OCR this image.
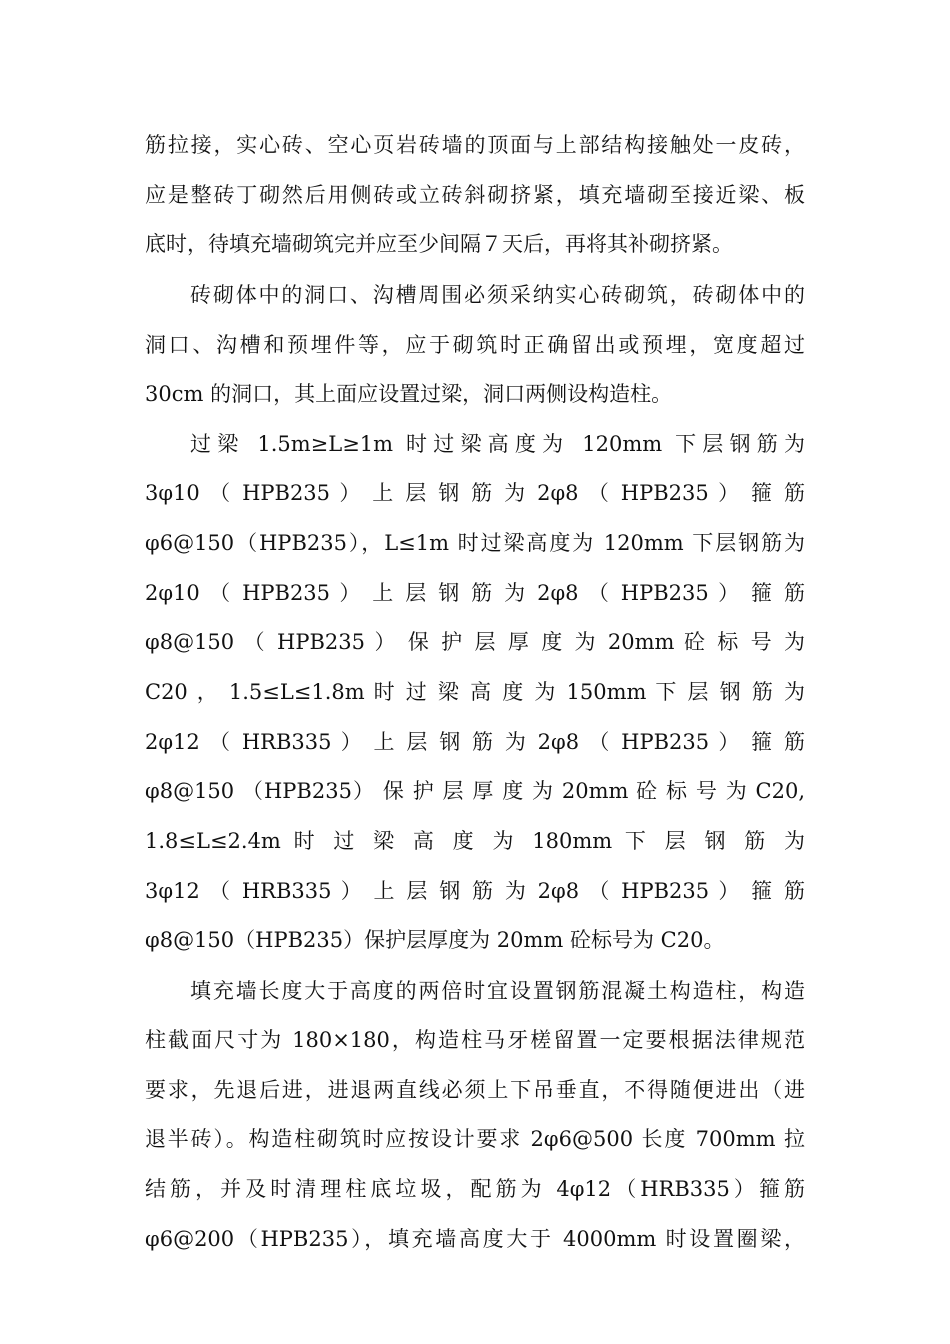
筋拉接，实心砖、空心页岩砖墙的顶面与上部结构接触处一皮砖，
应是整砖丁砌然后用侧砖或立砖斜砌挤紧，填充墙砌至接近梁、板
底时，待填充墙砌筑完并应至少间隔７天后，再将其补砌挤紧。
砖砌体中的洞口、沟槽周围必须采纳实心砖砌筑，砖砌体中的
洞口、沟槽和预埋件等，应于砌筑时正确留出或预埋，宽度超过
30cm 的洞口，其上面应设置过梁，洞口两侧设构造柱。
过梁 1.5m≥L≥1m 时过梁高度为 120mm 下层钢筋为
3φ10 （ HPB235 ） 上 层 钢 筋 为 2φ8 （ HPB235 ） 箍 筋
φ6@150（HPB235），L≤1m 时过梁高度为 120mm 下层钢筋为
2φ10 （ HPB235 ） 上 层 钢 筋 为 2φ8 （ HPB235 ） 箍 筋
φ8@150 （ HPB235 ） 保 护 层 厚 度 为 20mm 砼 标 号 为
C20 ， 1.5≤L≤1.8m 时 过 梁 高 度 为 150mm 下 层 钢 筋 为
2φ12 （ HRB335 ） 上 层 钢 筋 为 2φ8 （ HPB235 ） 箍 筋
φ8@150 （HPB235） 保 护 层 厚 度 为 20mm 砼 标 号 为 C20,
1.8≤L≤2.4m 时 过 梁 高 度 为 180mm 下 层 钢 筋 为
3φ12 （ HRB335 ） 上 层 钢 筋 为 2φ8 （ HPB235 ） 箍 筋
φ8@150（HPB235）保护层厚度为 20mm 砼标号为 C20。
填充墙长度大于高度的两倍时宜设置钢筋混凝土构造柱，构造
柱截面尺寸为 180×180，构造柱马牙槎留置一定要根据法律规范
要求，先退后进，进退两直线必须上下吊垂直，不得随便进出（进
退半砖）。构造柱砌筑时应按设计要求 2φ6@500 长度 700mm 拉
结筋，并及时清理柱底垃圾，配筋为 4φ12（HRB335）箍筋
φ6@200（HPB235），填充墙高度大于 4000mm 时设置圈梁，
